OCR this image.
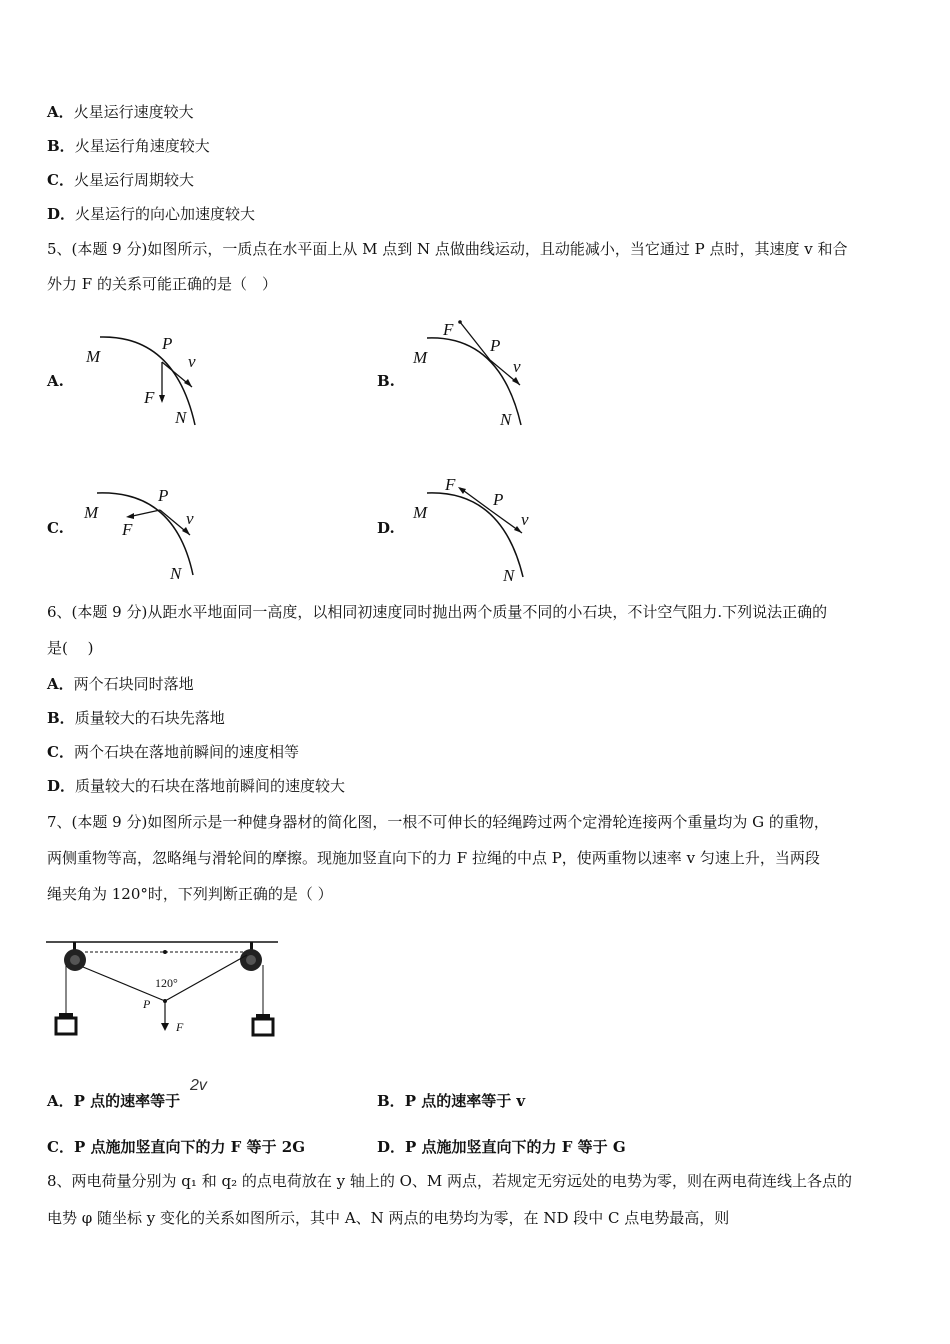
A．火星运行速度较大
B．火星运行角速度较大
C．火星运行周期较大
D．火星运行的向心加速度较大
5、(本题 9 分)如图所示，一质点在水平面上从 M 点到 N 点做曲线运动，且动能减小，当它通过 P 点时，其速度 v 和合
外力 F 的关系可能正确的是（　）
A.	B.
C.	D.
M
P
v
F
N
M
F
P
v
N
M
P
v
F
N
M
F
P
v
N
6、(本题 9 分)从距水平地面同一高度，以相同初速度同时抛出两个质量不同的小石块，不计空气阻力.下列说法正确的
是(　 )
A．两个石块同时落地
B．质量较大的石块先落地
C．两个石块在落地前瞬间的速度相等
D．质量较大的石块在落地前瞬间的速度较大
7、(本题 9 分)如图所示是一种健身器材的简化图，一根不可伸长的轻绳跨过两个定滑轮连接两个重量均为 G 的重物，
两侧重物等高，忽略绳与滑轮间的摩擦。现施加竖直向下的力 F 拉绳的中点 P，使两重物以速率 v 匀速上升，当两段
绳夹角为 120°时，下列判断正确的是（ ）
120°
P
F
A．P 点的速率等于
2v
B．P 点的速率等于 v
C．P 点施加竖直向下的力 F 等于 2G	D．P 点施加竖直向下的力 F 等于 G
8、两电荷量分别为 q₁ 和 q₂ 的点电荷放在 y 轴上的 O、M 两点，若规定无穷远处的电势为零，则在两电荷连线上各点的
电势 φ 随坐标 y 变化的关系如图所示，其中 A、N 两点的电势均为零，在 ND 段中 C 点电势最高，则
